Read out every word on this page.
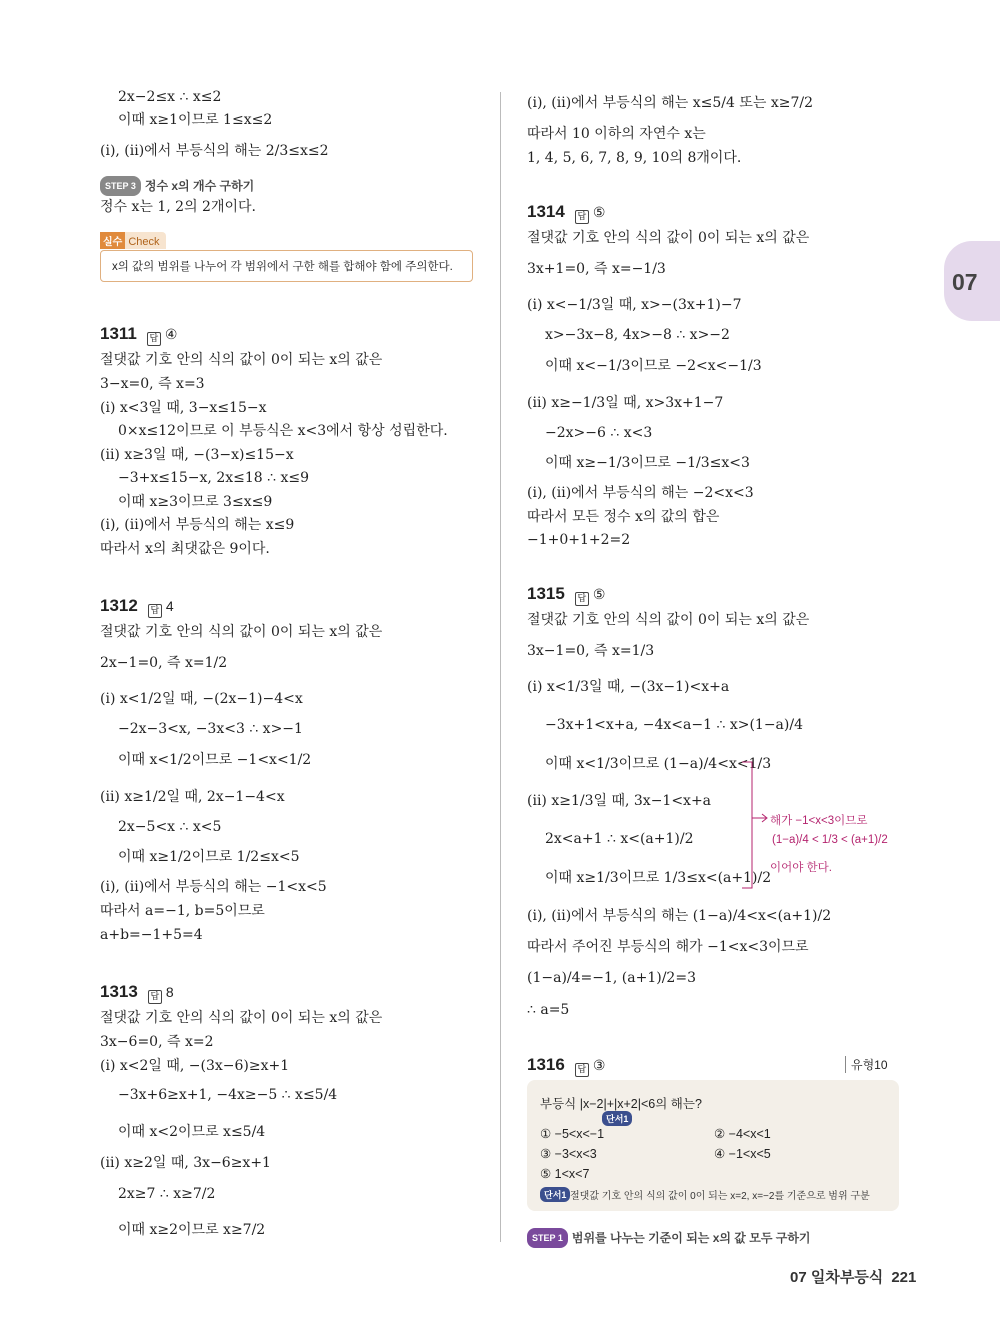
07
2x−2≤x ∴ x≤2
이때 x≥1이므로 1≤x≤2
(ⅰ), (ⅱ)에서 부등식의 해는 2/3≤x≤2
STEP 3 정수 x의 개수 구하기
정수 x는 1, 2의 2개이다.
실수 Check
x의 값의 범위를 나누어 각 범위에서 구한 해를 합해야 함에 주의한다.
1311 답 ④
절댓값 기호 안의 식의 값이 0이 되는 x의 값은
3−x=0, 즉 x=3
(ⅰ) x<3일 때, 3−x≤15−x
0×x≤12이므로 이 부등식은 x<3에서 항상 성립한다.
(ⅱ) x≥3일 때, −(3−x)≤15−x
−3+x≤15−x, 2x≤18 ∴ x≤9
이때 x≥3이므로 3≤x≤9
(ⅰ), (ⅱ)에서 부등식의 해는 x≤9
따라서 x의 최댓값은 9이다.
1312 답 4
절댓값 기호 안의 식의 값이 0이 되는 x의 값은
2x−1=0, 즉 x=1/2
(ⅰ) x<1/2일 때, −(2x−1)−4<x
−2x−3<x, −3x<3 ∴ x>−1
이때 x<1/2이므로 −1<x<1/2
(ⅱ) x≥1/2일 때, 2x−1−4<x
2x−5<x ∴ x<5
이때 x≥1/2이므로 1/2≤x<5
(ⅰ), (ⅱ)에서 부등식의 해는 −1<x<5
따라서 a=−1, b=5이므로
a+b=−1+5=4
1313 답 8
절댓값 기호 안의 식의 값이 0이 되는 x의 값은
3x−6=0, 즉 x=2
(ⅰ) x<2일 때, −(3x−6)≥x+1
−3x+6≥x+1, −4x≥−5 ∴ x≤5/4
이때 x<2이므로 x≤5/4
(ⅱ) x≥2일 때, 3x−6≥x+1
2x≥7 ∴ x≥7/2
이때 x≥2이므로 x≥7/2
(ⅰ), (ⅱ)에서 부등식의 해는 x≤5/4 또는 x≥7/2
따라서 10 이하의 자연수 x는
1, 4, 5, 6, 7, 8, 9, 10의 8개이다.
1314 답 ⑤
절댓값 기호 안의 식의 값이 0이 되는 x의 값은
3x+1=0, 즉 x=−1/3
(ⅰ) x<−1/3일 때, x>−(3x+1)−7
x>−3x−8, 4x>−8 ∴ x>−2
이때 x<−1/3이므로 −2<x<−1/3
(ⅱ) x≥−1/3일 때, x>3x+1−7
−2x>−6 ∴ x<3
이때 x≥−1/3이므로 −1/3≤x<3
(ⅰ), (ⅱ)에서 부등식의 해는 −2<x<3
따라서 모든 정수 x의 값의 합은
−1+0+1+2=2
1315 답 ⑤
절댓값 기호 안의 식의 값이 0이 되는 x의 값은
3x−1=0, 즉 x=1/3
(ⅰ) x<1/3일 때, −(3x−1)<x+a
−3x+1<x+a, −4x<a−1 ∴ x>(1−a)/4
이때 x<1/3이므로 (1−a)/4<x<1/3
(ⅱ) x≥1/3일 때, 3x−1<x+a
2x<a+1 ∴ x<(a+1)/2
이때 x≥1/3이므로 1/3≤x<(a+1)/2
(ⅰ), (ⅱ)에서 부등식의 해는 (1−a)/4<x<(a+1)/2
따라서 주어진 부등식의 해가 −1<x<3이므로
(1−a)/4=−1, (a+1)/2=3
∴ a=5
해가 −1<x<3이므로
(1−a)/4 < 1/3 < (a+1)/2
이어야 한다.
1316 답 ③	유형10
부등식 |x−2|+|x+2|<6의 해는?
단서1
① −5<x<−1	② −4<x<1
③ −3<x<3	④ −1<x<5
⑤ 1<x<7
단서1 절댓값 기호 안의 식의 값이 0이 되는 x=2, x=−2를 기준으로 범위 구분
STEP 1 범위를 나누는 기준이 되는 x의 값 모두 구하기
07 일차부등식 221
